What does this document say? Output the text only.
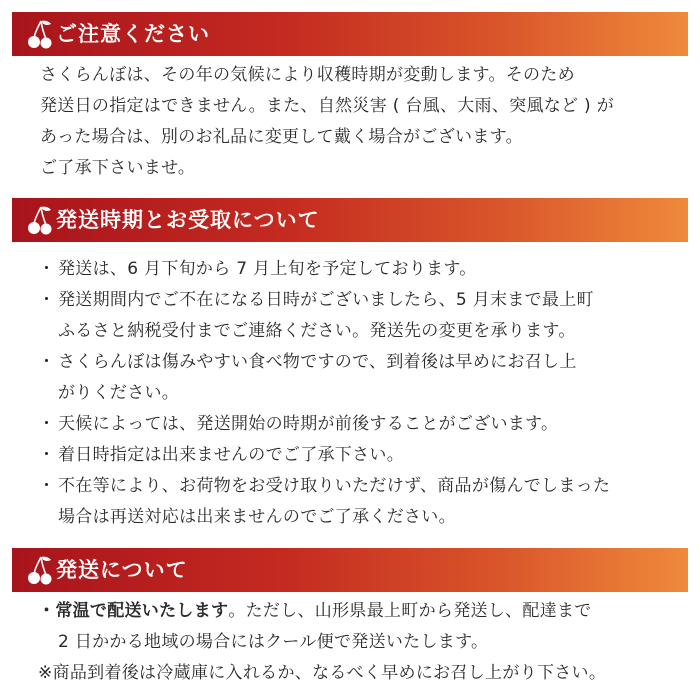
ご注意ください

さくらんぼは、その年の気候により収穫時期が変動します。そのため

発送日の指定はできません。また、自然災害 ( 台風、大雨、突風など ) が

あった場合は、別のお礼品に変更して戴く場合がございます。

ご了承下さいませ。

発送時期とお受取について
・ 発送は、6 月下旬から 7 月上旬を予定しております。
・ 発送期間内でご不在になる日時がございましたら、5 月末まで最上町
ふるさと納税受付までご連絡ください。発送先の変更を承ります。
・ さくらんぼは傷みやすい食べ物ですので、到着後は早めにお召し上
がりください。
・ 天候によっては、発送開始の時期が前後することがございます。
・ 着日時指定は出来ませんのでご了承下さい。
・ 不在等により、お荷物をお受け取りいただけず、商品が傷んでしまった
場合は再送対応は出来ませんのでご了承ください。
発送について
・常温で配送いたします。ただし、山形県最上町から発送し、配達まで
2 日かかる地域の場合にはクール便で発送いたします。
※商品到着後は冷蔵庫に入れるか、なるべく早めにお召し上がり下さい。
